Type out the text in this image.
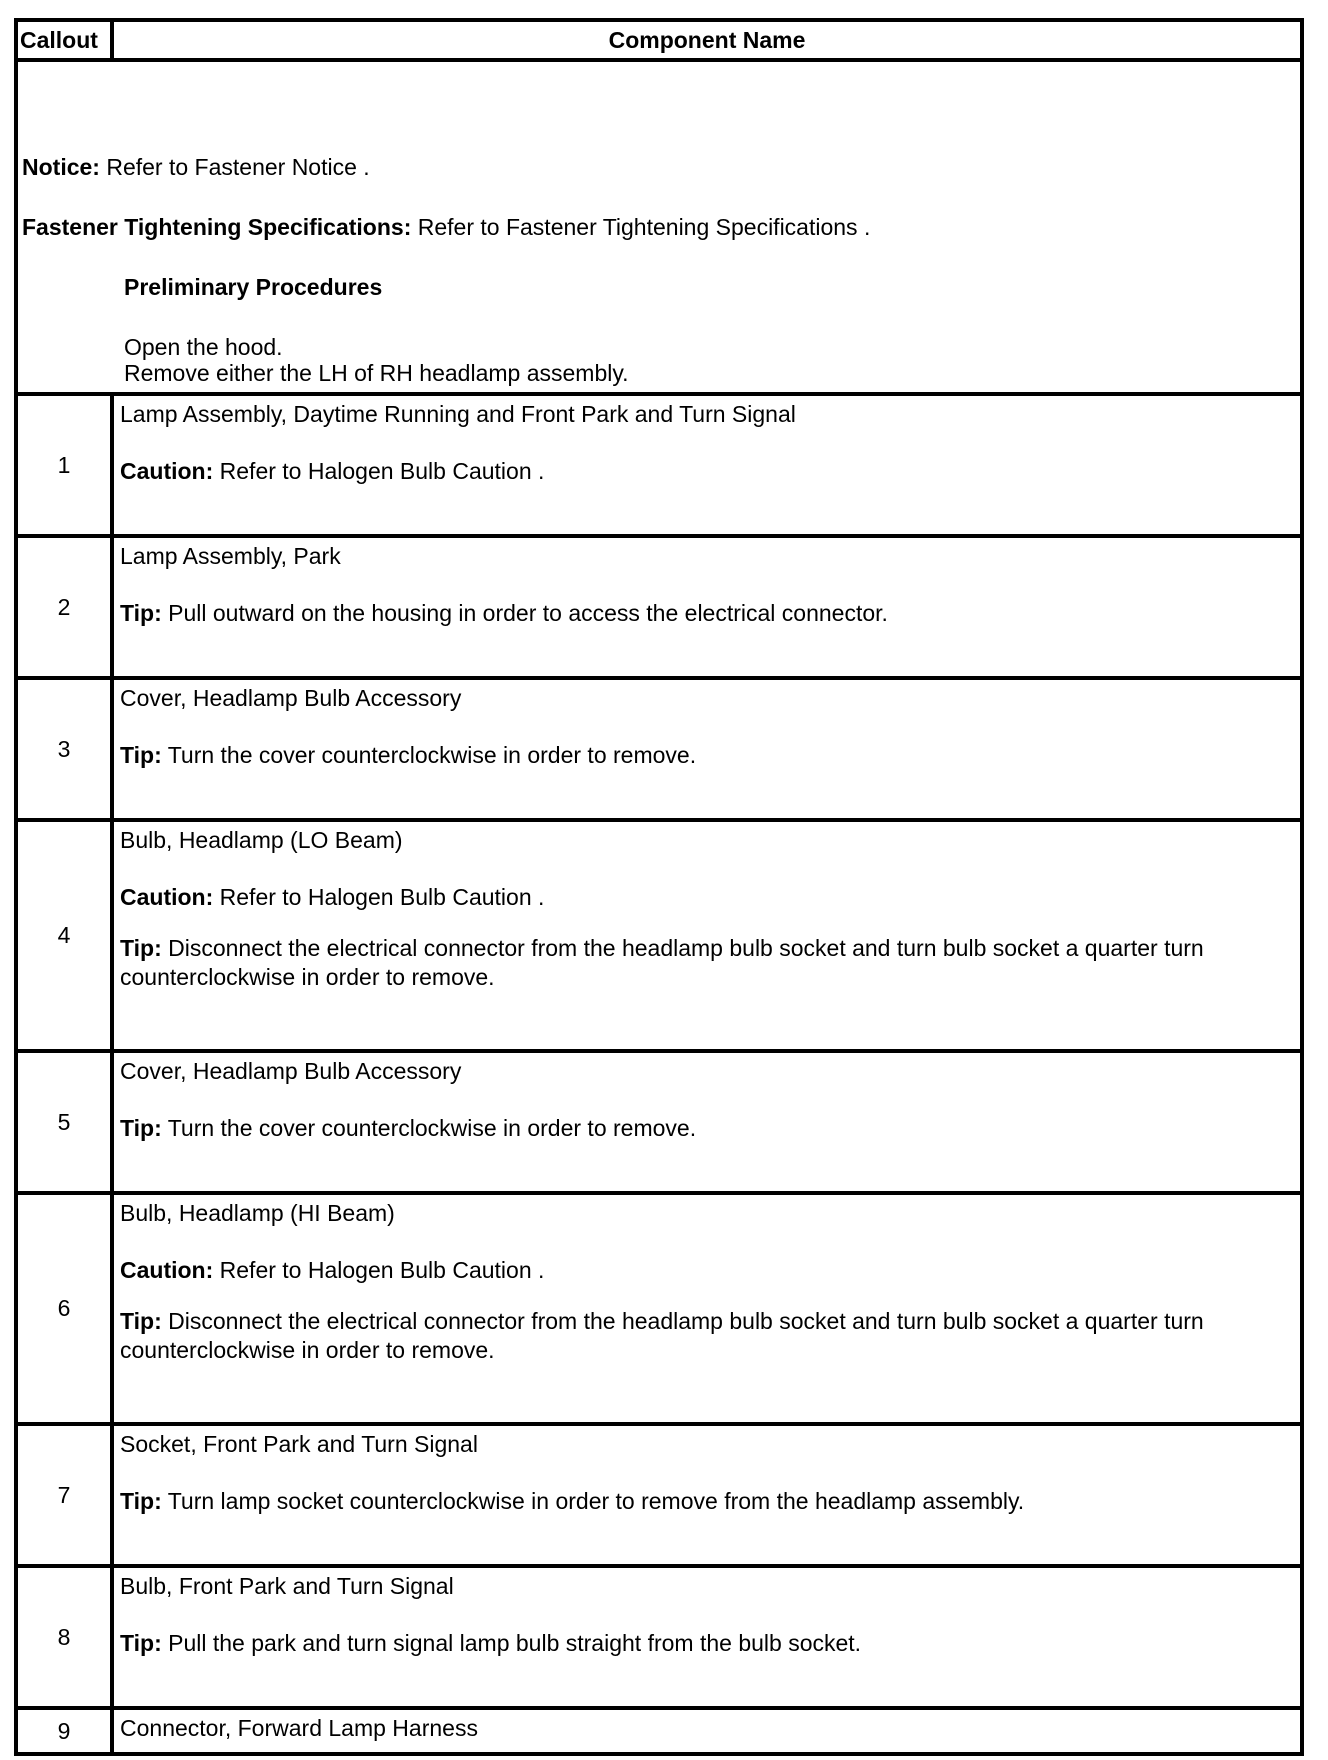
Callout	Component Name
Notice: Refer to Fastener Notice .
Fastener Tightening Specifications: Refer to Fastener Tightening Specifications .
Preliminary Procedures
Open the hood.
Remove either the LH of RH headlamp assembly.
1
Lamp Assembly, Daytime Running and Front Park and Turn Signal
Caution: Refer to Halogen Bulb Caution .
2
Lamp Assembly, Park
Tip: Pull outward on the housing in order to access the electrical connector.
3
Cover, Headlamp Bulb Accessory
Tip: Turn the cover counterclockwise in order to remove.
4
Bulb, Headlamp (LO Beam)
Caution: Refer to Halogen Bulb Caution .
Tip: Disconnect the electrical connector from the headlamp bulb socket and turn bulb socket a quarter turn counterclockwise in order to remove.
5
Cover, Headlamp Bulb Accessory
Tip: Turn the cover counterclockwise in order to remove.
6
Bulb, Headlamp (HI Beam)
Caution: Refer to Halogen Bulb Caution .
Tip: Disconnect the electrical connector from the headlamp bulb socket and turn bulb socket a quarter turn counterclockwise in order to remove.
7
Socket, Front Park and Turn Signal
Tip: Turn lamp socket counterclockwise in order to remove from the headlamp assembly.
8
Bulb, Front Park and Turn Signal
Tip: Pull the park and turn signal lamp bulb straight from the bulb socket.
9	Connector, Forward Lamp Harness
